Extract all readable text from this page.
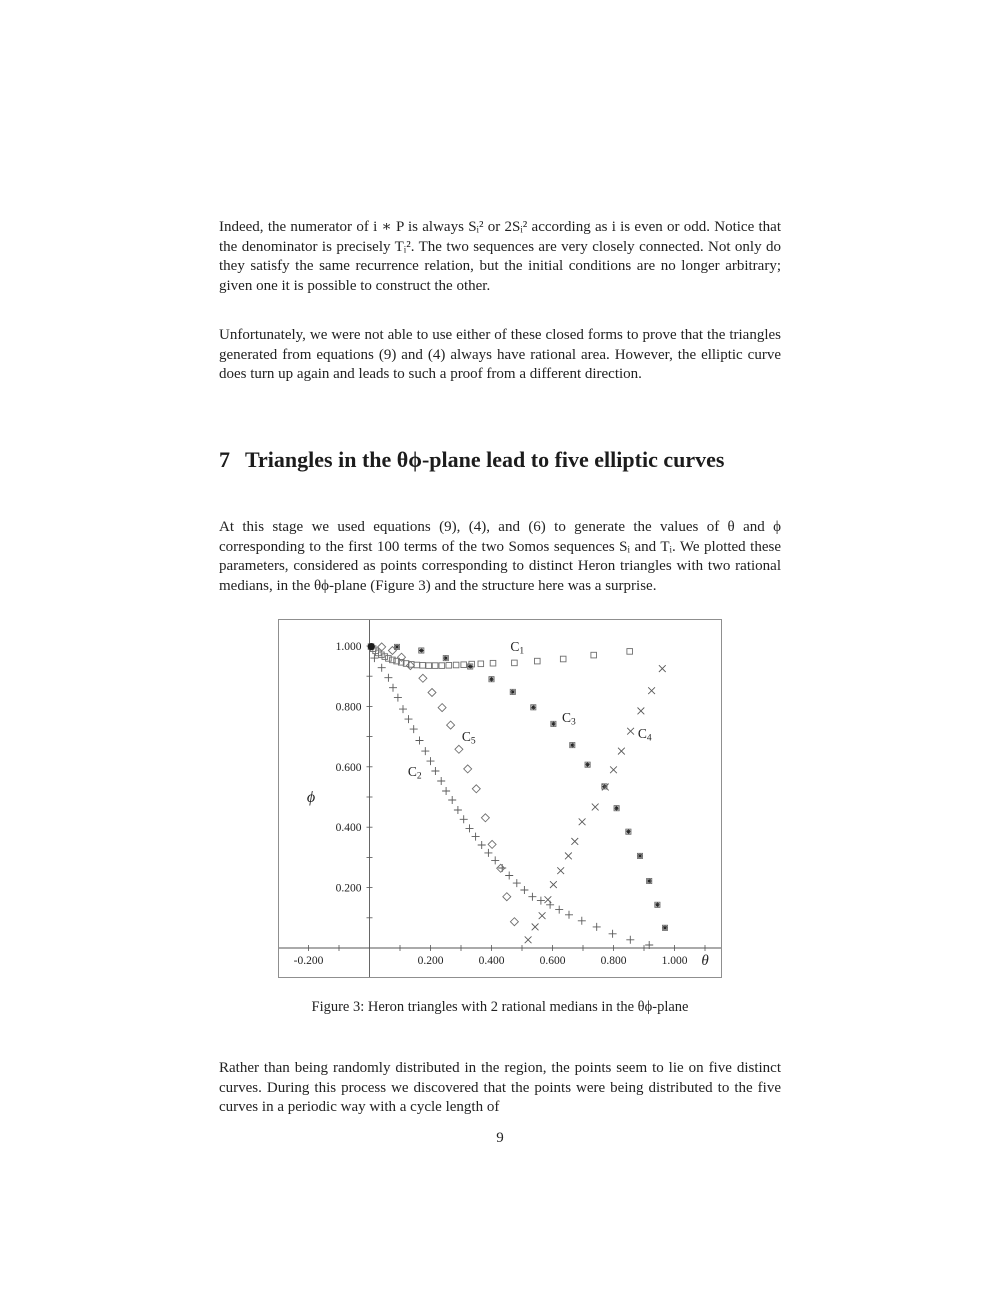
Indeed, the numerator of i ∗ P is always Sᵢ² or 2Sᵢ² according as i is even or odd. Notice that the denominator is precisely Tᵢ². The two sequences are very closely connected. Not only do they satisfy the same recurrence relation, but the initial conditions are no longer arbitrary; given one it is possible to construct the other.

Unfortunately, we were not able to use either of these closed forms to prove that the triangles generated from equations (9) and (4) always have rational area. However, the elliptic curve does turn up again and leads to such a proof from a different direction.

7 Triangles in the θϕ-plane lead to five elliptic curves

At this stage we used equations (9), (4), and (6) to generate the values of θ and ϕ corresponding to the first 100 terms of the two Somos sequences Sᵢ and Tᵢ. We plotted these parameters, considered as points corresponding to distinct Heron triangles with two rational medians, in the θϕ-plane (Figure 3) and the structure here was a surprise.

-0.200	0.200	0.400	0.600	0.800	1.000
1.000
0.800
0.600
0.400
0.200
θ
ϕ
C1
C2
C3
C4
C5
Figure 3: Heron triangles with 2 rational medians in the θϕ-plane

Rather than being randomly distributed in the region, the points seem to lie on five distinct curves. During this process we discovered that the points were being distributed to the five curves in a periodic way with a cycle length of

9
